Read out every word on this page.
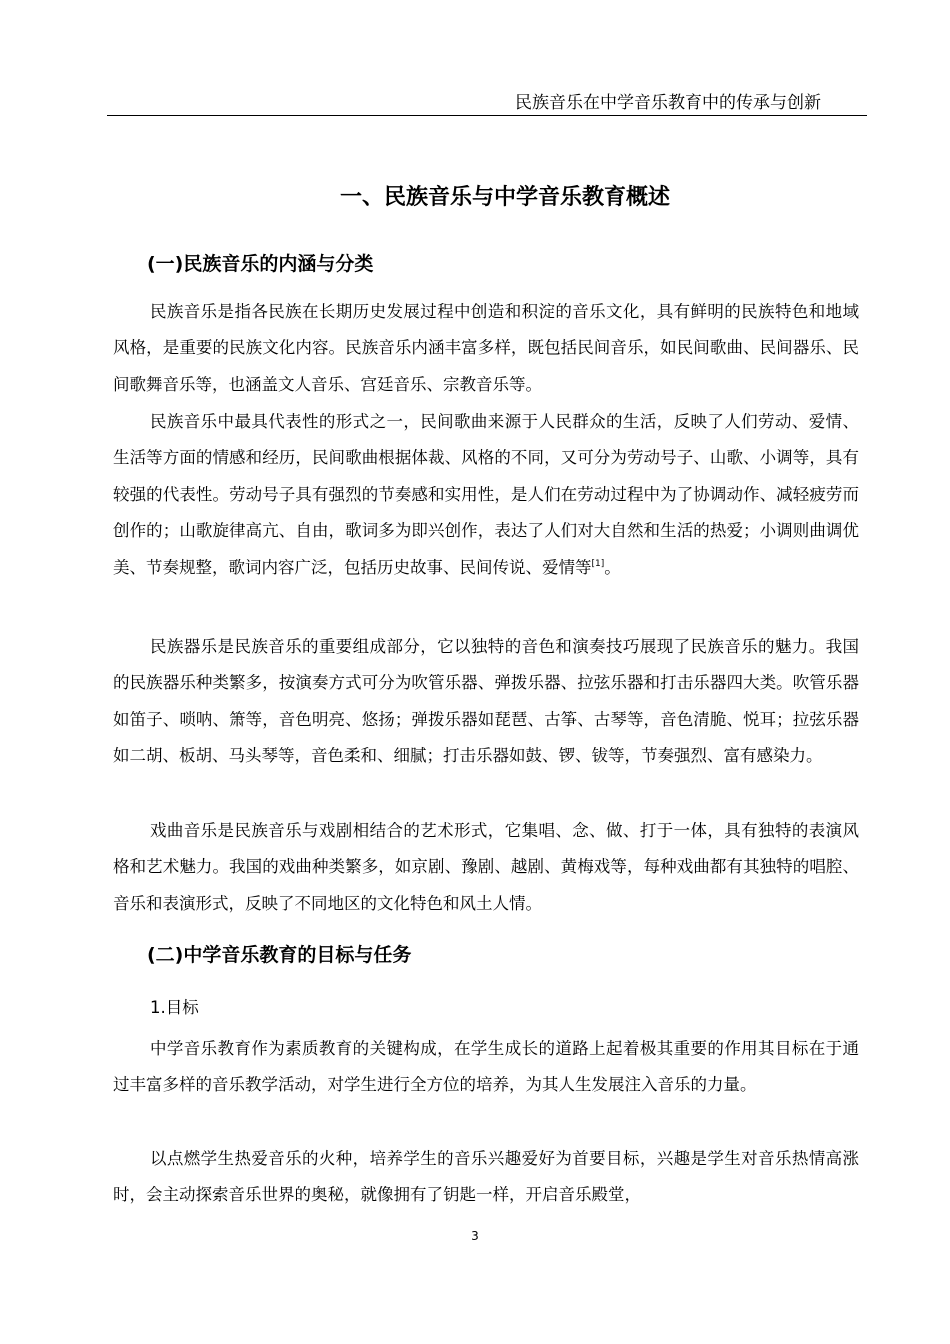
民族音乐在中学音乐教育中的传承与创新
一、民族音乐与中学音乐教育概述
(一)民族音乐的内涵与分类

民族音乐是指各民族在长期历史发展过程中创造和积淀的音乐文化，具有鲜明的民族特色和地域风格，是重要的民族文化内容。民族音乐内涵丰富多样，既包括民间音乐，如民间歌曲、民间器乐、民间歌舞音乐等，也涵盖文人音乐、宫廷音乐、宗教音乐等。

民族音乐中最具代表性的形式之一，民间歌曲来源于人民群众的生活，反映了人们劳动、爱情、生活等方面的情感和经历，民间歌曲根据体裁、风格的不同，又可分为劳动号子、山歌、小调等，具有较强的代表性。劳动号子具有强烈的节奏感和实用性，是人们在劳动过程中为了协调动作、减轻疲劳而创作的；山歌旋律高亢、自由，歌词多为即兴创作，表达了人们对大自然和生活的热爱；小调则曲调优美、节奏规整，歌词内容广泛，包括历史故事、民间传说、爱情等[1]。

民族器乐是民族音乐的重要组成部分，它以独特的音色和演奏技巧展现了民族音乐的魅力。我国的民族器乐种类繁多，按演奏方式可分为吹管乐器、弹拨乐器、拉弦乐器和打击乐器四大类。吹管乐器如笛子、唢呐、箫等，音色明亮、悠扬；弹拨乐器如琵琶、古筝、古琴等，音色清脆、悦耳；拉弦乐器如二胡、板胡、马头琴等，音色柔和、细腻；打击乐器如鼓、锣、钹等，节奏强烈、富有感染力。

戏曲音乐是民族音乐与戏剧相结合的艺术形式，它集唱、念、做、打于一体，具有独特的表演风格和艺术魅力。我国的戏曲种类繁多，如京剧、豫剧、越剧、黄梅戏等，每种戏曲都有其独特的唱腔、音乐和表演形式，反映了不同地区的文化特色和风土人情。

(二)中学音乐教育的目标与任务
1.目标

中学音乐教育作为素质教育的关键构成，在学生成长的道路上起着极其重要的作用其目标在于通过丰富多样的音乐教学活动，对学生进行全方位的培养，为其人生发展注入音乐的力量。

以点燃学生热爱音乐的火种，培养学生的音乐兴趣爱好为首要目标，兴趣是学生对音乐热情高涨时，会主动探索音乐世界的奥秘，就像拥有了钥匙一样，开启音乐殿堂，

3
